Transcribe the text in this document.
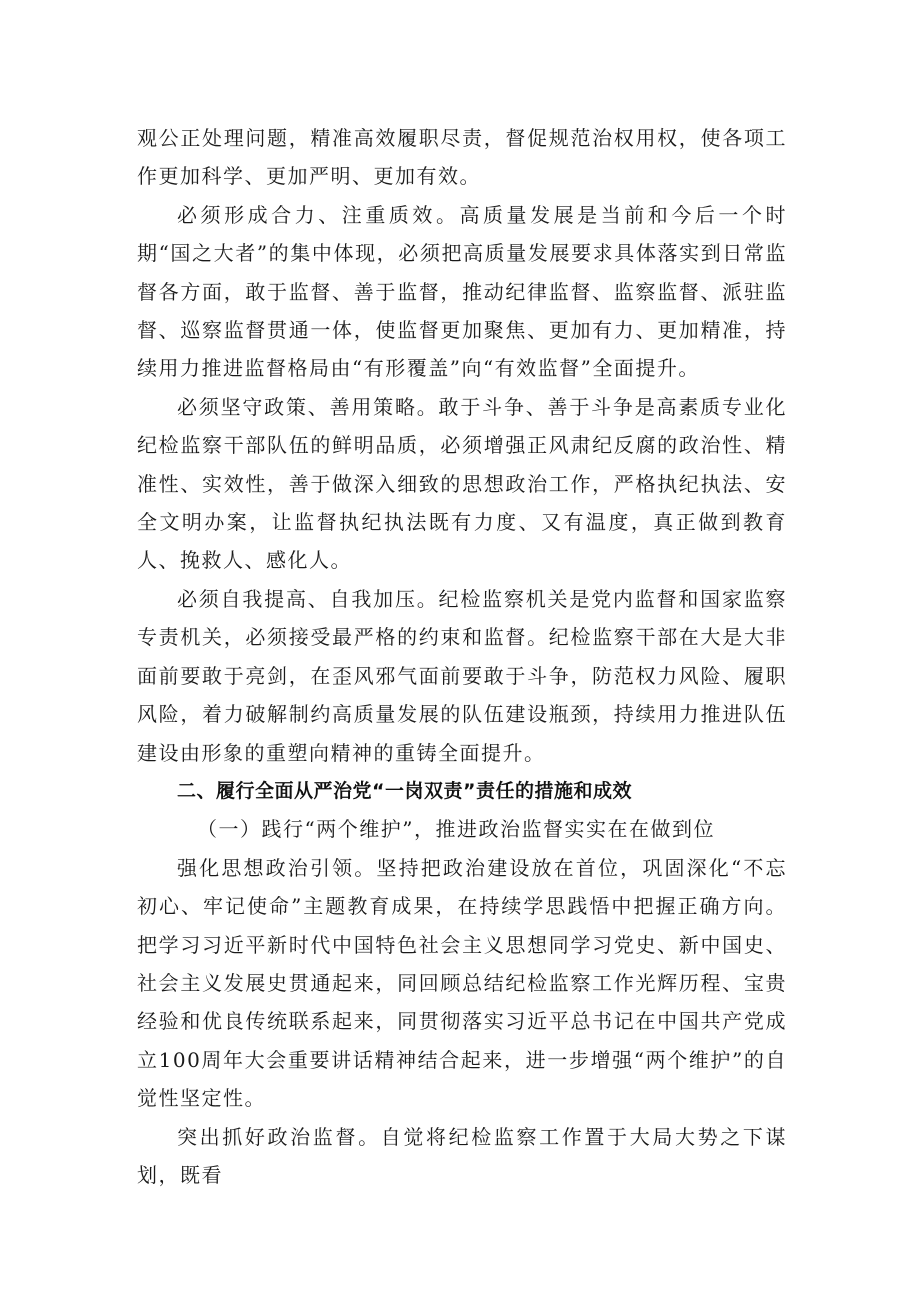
观公正处理问题，精准高效履职尽责，督促规范治权用权，使各项工作更加科学、更加严明、更加有效。

必须形成合力、注重质效。高质量发展是当前和今后一个时期“国之大者”的集中体现，必须把高质量发展要求具体落实到日常监督各方面，敢于监督、善于监督，推动纪律监督、监察监督、派驻监督、巡察监督贯通一体，使监督更加聚焦、更加有力、更加精准，持续用力推进监督格局由“有形覆盖”向“有效监督”全面提升。

必须坚守政策、善用策略。敢于斗争、善于斗争是高素质专业化纪检监察干部队伍的鲜明品质，必须增强正风肃纪反腐的政治性、精准性、实效性，善于做深入细致的思想政治工作，严格执纪执法、安全文明办案，让监督执纪执法既有力度、又有温度，真正做到教育人、挽救人、感化人。

必须自我提高、自我加压。纪检监察机关是党内监督和国家监察专责机关，必须接受最严格的约束和监督。纪检监察干部在大是大非面前要敢于亮剑，在歪风邪气面前要敢于斗争，防范权力风险、履职风险，着力破解制约高质量发展的队伍建设瓶颈，持续用力推进队伍建设由形象的重塑向精神的重铸全面提升。

二、履行全面从严治党“一岗双责”责任的措施和成效

（一）践行“两个维护”，推进政治监督实实在在做到位

强化思想政治引领。坚持把政治建设放在首位，巩固深化“不忘初心、牢记使命”主题教育成果，在持续学思践悟中把握正确方向。把学习习近平新时代中国特色社会主义思想同学习党史、新中国史、社会主义发展史贯通起来，同回顾总结纪检监察工作光辉历程、宝贵经验和优良传统联系起来，同贯彻落实习近平总书记在中国共产党成立100周年大会重要讲话精神结合起来，进一步增强“两个维护”的自觉性坚定性。

突出抓好政治监督。自觉将纪检监察工作置于大局大势之下谋划，既看
